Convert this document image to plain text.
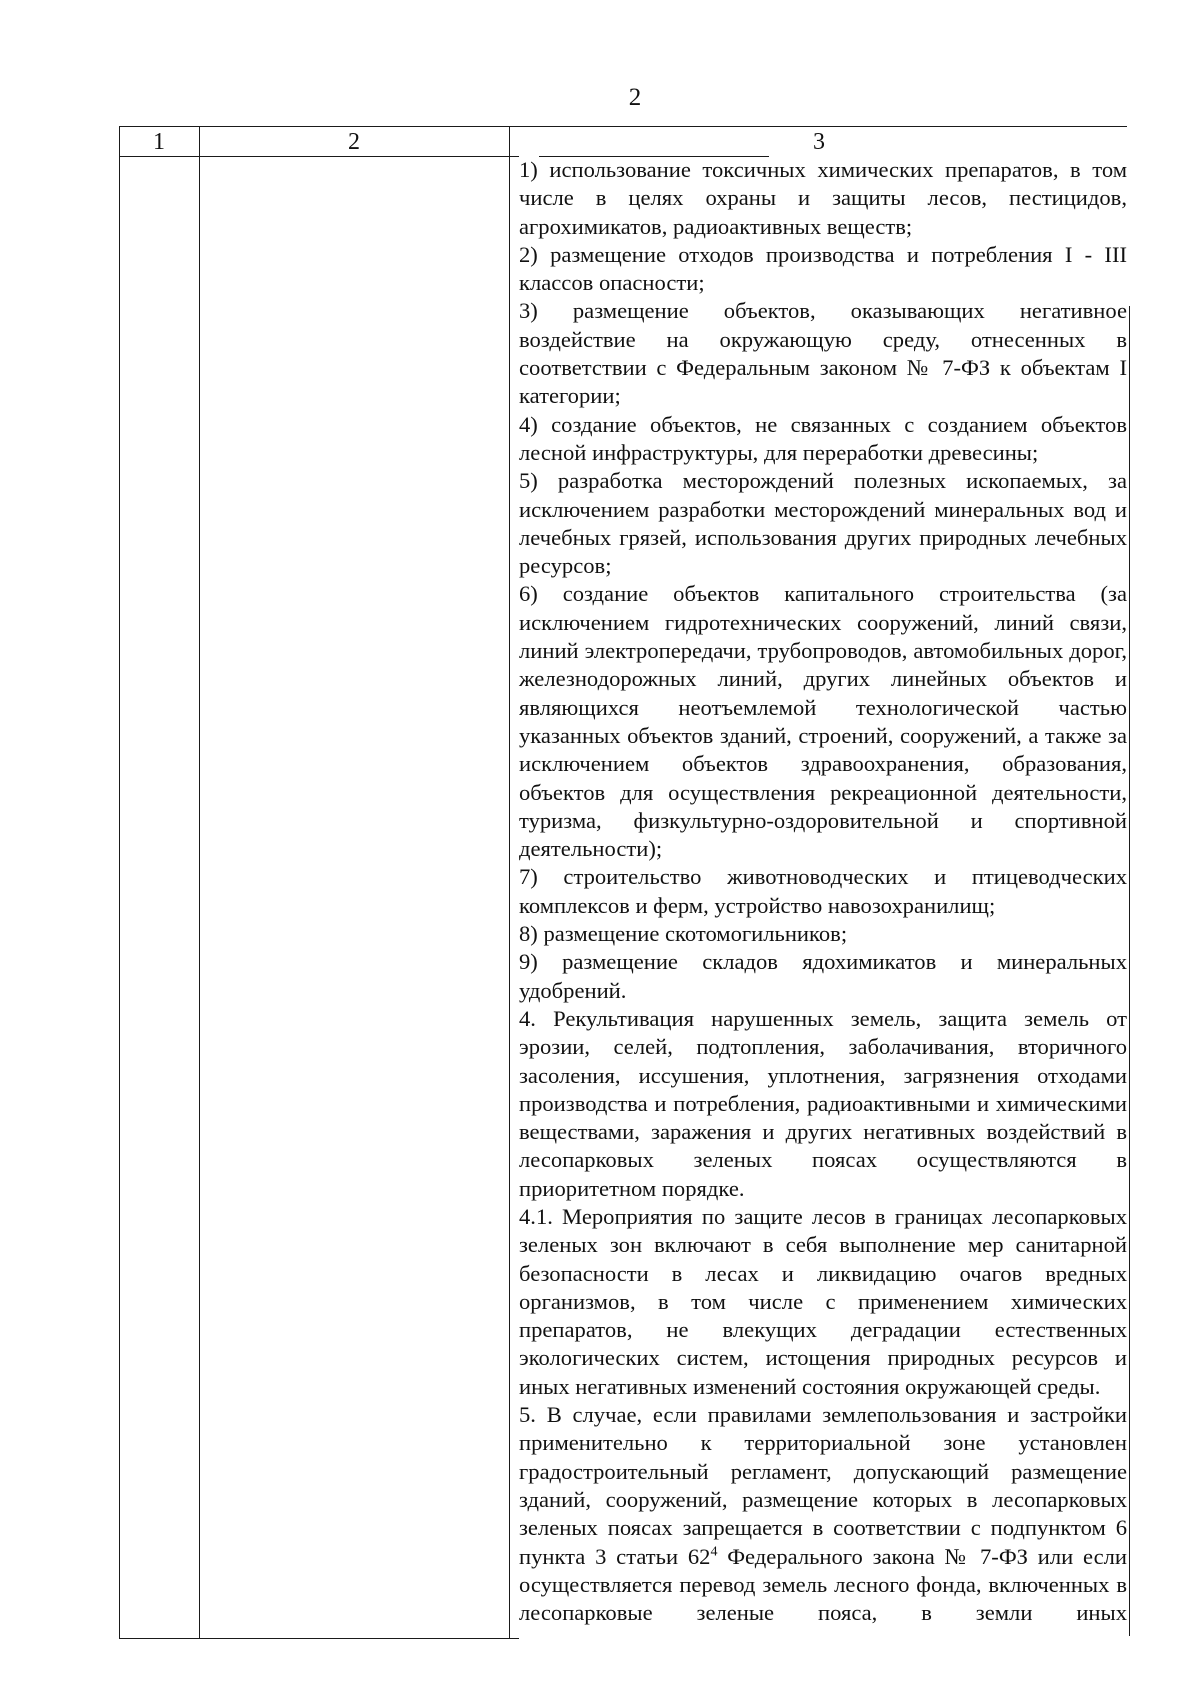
2
1	2	3

1) использование токсичных химических препаратов, в том числе в целях охраны и защиты лесов, пестицидов, агрохимикатов, радиоактивных веществ;

2) размещение отходов производства и потребления I - III классов опасности;

3) размещение объектов, оказывающих негативное воздействие на окружающую среду, отнесенных в соответствии с Федеральным законом № 7-ФЗ к объектам I категории;

4) создание объектов, не связанных с созданием объектов лесной инфраструктуры, для переработки древесины;

5) разработка месторождений полезных ископаемых, за исключением разработки месторождений минеральных вод и лечебных грязей, использования других природных лечебных ресурсов;

6) создание объектов капитального строительства (за исключением гидротехнических сооружений, линий связи, линий электропередачи, трубопроводов, автомобильных дорог, железнодорожных линий, других линейных объектов и являющихся неотъемлемой технологической частью указанных объектов зданий, строений, сооружений, а также за исключением объектов здравоохранения, образования, объектов для осуществления рекреационной деятельности, туризма, физкультурно-оздоровительной и спортивной деятельности);

7) строительство животноводческих и птицеводческих комплексов и ферм, устройство навозохранилищ;

8) размещение скотомогильников;

9) размещение складов ядохимикатов и минеральных удобрений.

4. Рекультивация нарушенных земель, защита земель от эрозии, селей, подтопления, заболачивания, вторичного засоления, иссушения, уплотнения, загрязнения отходами производства и потребления, радиоактивными и химическими веществами, заражения и других негативных воздействий в лесопарковых зеленых поясах осуществляются в приоритетном порядке.

4.1. Мероприятия по защите лесов в границах лесопарковых зеленых зон включают в себя выполнение мер санитарной безопасности в лесах и ликвидацию очагов вредных организмов, в том числе с применением химических препаратов, не влекущих деградации естественных экологических систем, истощения природных ресурсов и иных негативных изменений состояния окружающей среды.

5. В случае, если правилами землепользования и застройки применительно к территориальной зоне установлен градостроительный регламент, допускающий размещение зданий, сооружений, размещение которых в лесопарковых зеленых поясах запрещается в соответствии с подпунктом 6 пункта 3 статьи $62^4$ Федерального закона № 7-ФЗ или если осуществляется перевод земель лесного фонда, включенных в лесопарковые зеленые пояса, в земли иных
